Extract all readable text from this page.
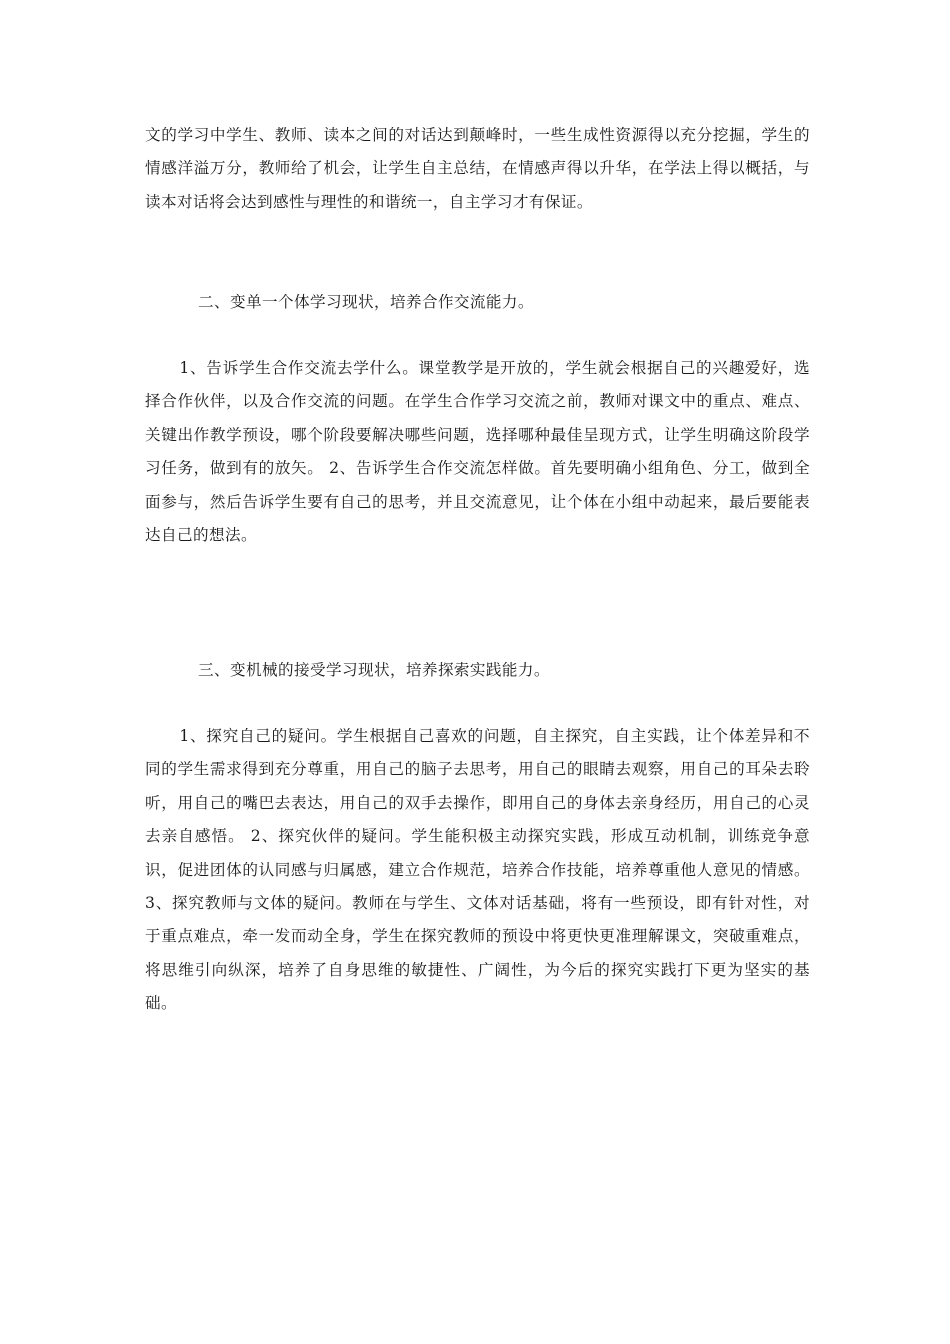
文的学习中学生、教师、读本之间的对话达到颠峰时，一些生成性资源得以充分挖掘，学生的情感洋溢万分，教师给了机会，让学生自主总结，在情感声得以升华，在学法上得以概括，与读本对话将会达到感性与理性的和谐统一，自主学习才有保证。

二、变单一个体学习现状，培养合作交流能力。

1、告诉学生合作交流去学什么。课堂教学是开放的，学生就会根据自己的兴趣爱好，选择合作伙伴，以及合作交流的问题。在学生合作学习交流之前，教师对课文中的重点、难点、关键出作教学预设，哪个阶段要解决哪些问题，选择哪种最佳呈现方式，让学生明确这阶段学习任务，做到有的放矢。 2、告诉学生合作交流怎样做。首先要明确小组角色、分工，做到全面参与，然后告诉学生要有自己的思考，并且交流意见，让个体在小组中动起来，最后要能表达自己的想法。

三、变机械的接受学习现状，培养探索实践能力。

1、探究自己的疑问。学生根据自己喜欢的问题，自主探究，自主实践，让个体差异和不同的学生需求得到充分尊重，用自己的脑子去思考，用自己的眼睛去观察，用自己的耳朵去聆听，用自己的嘴巴去表达，用自己的双手去操作，即用自己的身体去亲身经历，用自己的心灵去亲自感悟。 2、探究伙伴的疑问。学生能积极主动探究实践，形成互动机制，训练竞争意识，促进团体的认同感与归属感，建立合作规范，培养合作技能，培养尊重他人意见的情感。 3、探究教师与文体的疑问。教师在与学生、文体对话基础，将有一些预设，即有针对性，对于重点难点，牵一发而动全身，学生在探究教师的预设中将更快更准理解课文，突破重难点，将思维引向纵深，培养了自身思维的敏捷性、广阔性，为今后的探究实践打下更为坚实的基础。
